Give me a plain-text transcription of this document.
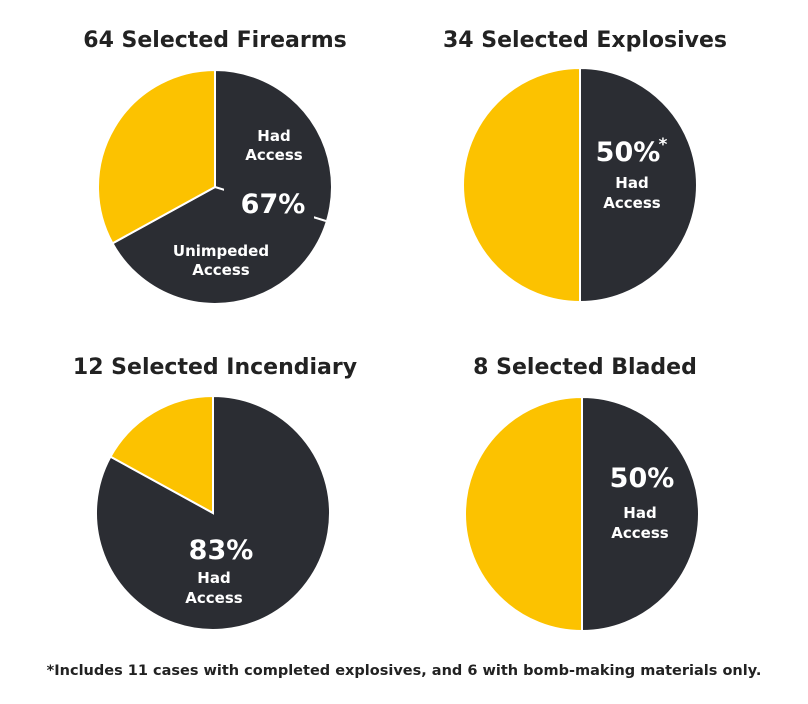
64 Selected Firearms
Had
Access
67%
Unimpeded
Access
34 Selected Explosives
50%
*
Had
Access
12 Selected Incendiary
83%
Had
Access
8 Selected Bladed
50%
Had
Access
*Includes 11 cases with completed explosives, and 6 with bomb-making materials only.
